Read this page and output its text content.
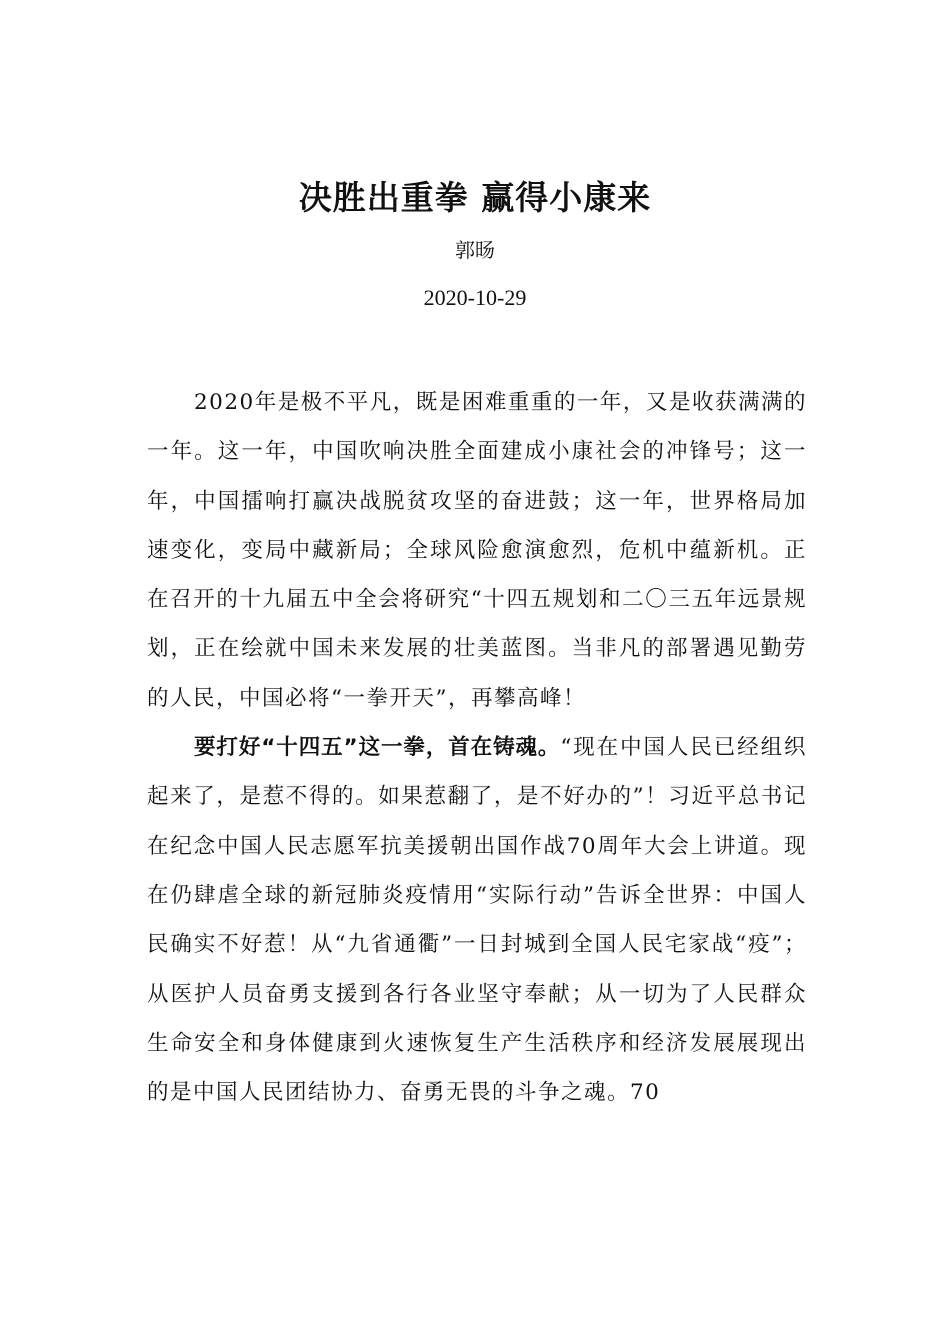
决胜出重拳 赢得小康来
郭旸
2020-10-29

2020年是极不平凡，既是困难重重的一年，又是收获满满的一年。这一年，中国吹响决胜全面建成小康社会的冲锋号；这一年，中国擂响打赢决战脱贫攻坚的奋进鼓；这一年，世界格局加速变化，变局中藏新局；全球风险愈演愈烈，危机中蕴新机。正在召开的十九届五中全会将研究“十四五规划和二〇三五年远景规划，正在绘就中国未来发展的壮美蓝图。当非凡的部署遇见勤劳的人民，中国必将“一拳开天”，再攀高峰！

要打好“十四五”这一拳，首在铸魂。“现在中国人民已经组织起来了，是惹不得的。如果惹翻了，是不好办的”！习近平总书记在纪念中国人民志愿军抗美援朝出国作战70周年大会上讲道。现在仍肆虐全球的新冠肺炎疫情用“实际行动”告诉全世界：中国人民确实不好惹！从“九省通衢”一日封城到全国人民宅家战“疫”；从医护人员奋勇支援到各行各业坚守奉献；从一切为了人民群众生命安全和身体健康到火速恢复生产生活秩序和经济发展展现出的是中国人民团结协力、奋勇无畏的斗争之魂。70
